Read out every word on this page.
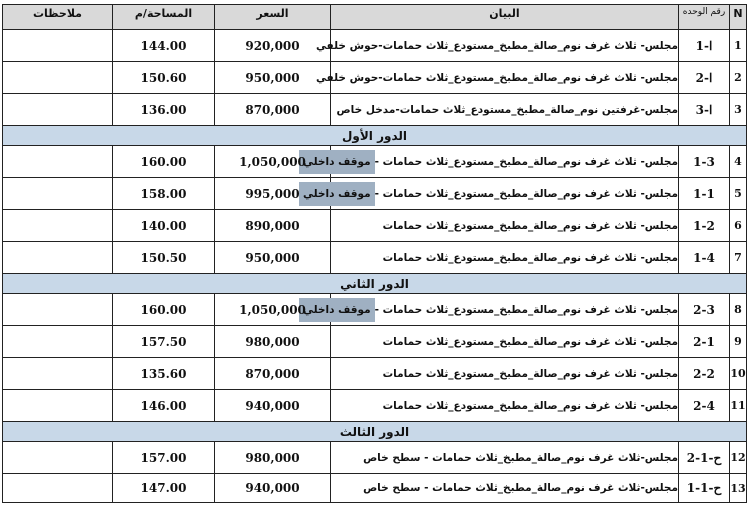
N	رقم الوحده	البيان	السعر	المساحة/م	ملاحظات
1	1-ا	مجلس- ثلاث غرف نوم_صالة_مطبخ_مستودع_ثلاث حمامات-حوش خلفي	920,000	144.00	
2	2-ا	مجلس- ثلاث غرف نوم_صالة_مطبخ_مستودع_ثلاث حمامات-حوش خلفي	950,000	150.60	
3	3-ا	مجلس-غرفتين نوم_صالة_مطبخ_مستودع_ثلاث حمامات-مدخل خاص	870,000	136.00	
الدور الأول					
4	1-3	مجلس- ثلاث غرف نوم_صالة_مطبخ_مستودع_ثلاث حمامات -موقف داخلي	1,050,000	160.00	
5	1-1	مجلس- ثلاث غرف نوم_صالة_مطبخ_مستودع_ثلاث حمامات -موقف داخلي	995,000	158.00	
6	1-2	مجلس- ثلاث غرف نوم_صالة_مطبخ_مستودع_ثلاث حمامات	890,000	140.00	
7	1-4	مجلس- ثلاث غرف نوم_صالة_مطبخ_مستودع_ثلاث حمامات	950,000	150.50	
الدور الثاني					
8	2-3	مجلس- ثلاث غرف نوم_صالة_مطبخ_مستودع_ثلاث حمامات -موقف داخلي	1,050,000	160.00	
9	2-1	مجلس- ثلاث غرف نوم_صالة_مطبخ_مستودع_ثلاث حمامات	980,000	157.50	
10	2-2	مجلس- ثلاث غرف نوم_صالة_مطبخ_مستودع_ثلاث حمامات	870,000	135.60	
11	2-4	مجلس- ثلاث غرف نوم_صالة_مطبخ_مستودع_ثلاث حمامات	940,000	146.00	
الدور الثالث					
12	ح-1-2	مجلس-ثلاث غرف نوم_صالة_مطبخ_ثلاث حمامات - سطح خاص	980,000	157.00	
13	ح-1-1	مجلس-ثلاث غرف نوم_صالة_مطبخ_ثلاث حمامات - سطح خاص	940,000	147.00	
